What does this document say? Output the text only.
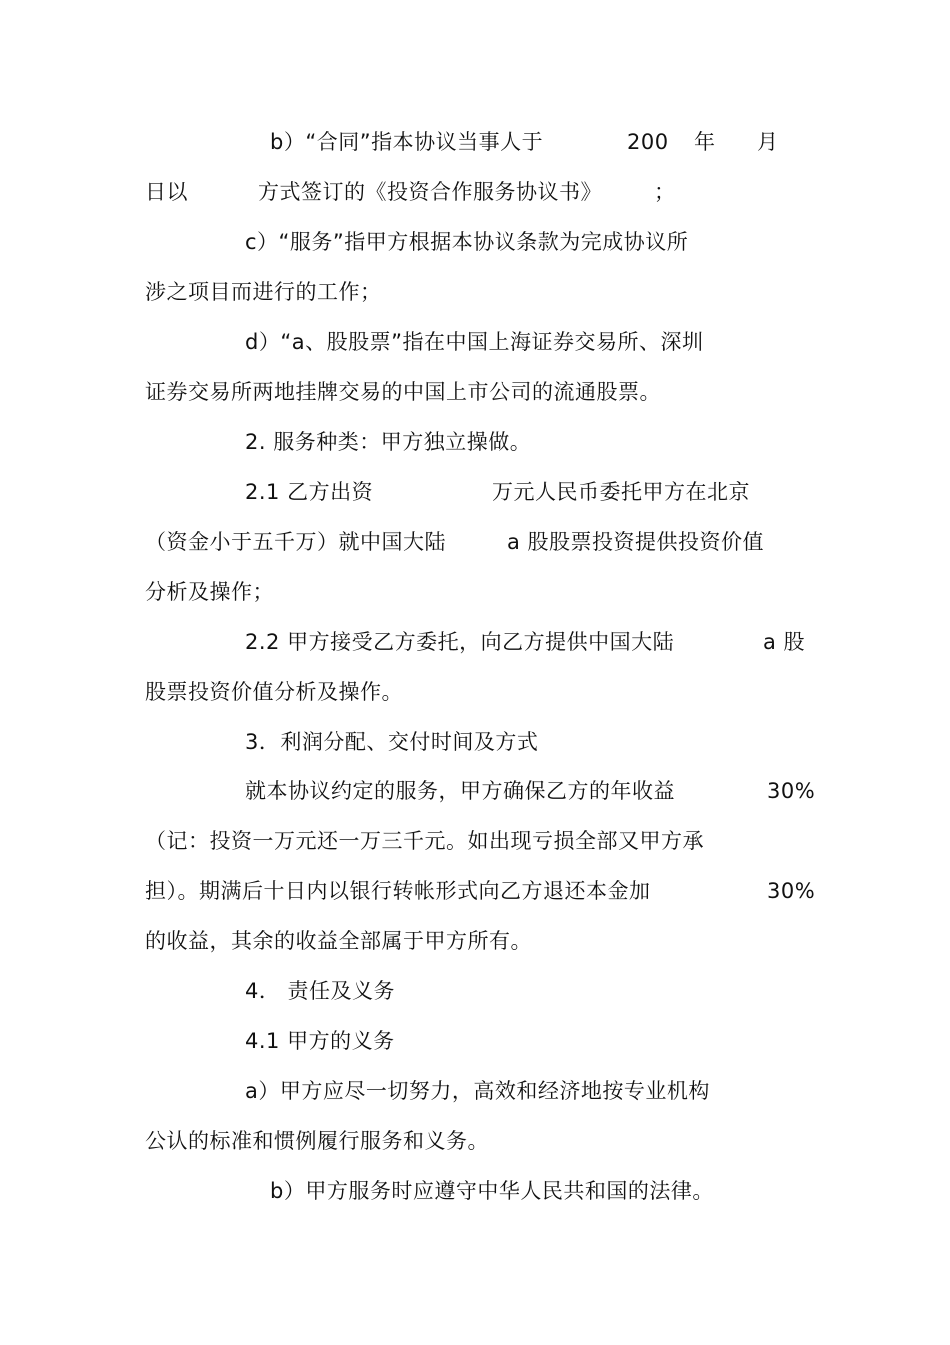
b）“合同”指本协议当事人于	200 年 月
日以	方式签订的《投资合作服务协议书》 ；
c）“服务”指甲方根据本协议条款为完成协议所
涉之项目而进行的工作；
d）“a、股股票”指在中国上海证券交易所、深圳
证券交易所两地挂牌交易的中国上市公司的流通股票。
2. 服务种类：甲方独立操做。
2.1 乙方出资	万元人民币委托甲方在北京
（资金小于五千万）就中国大陆	a 股股票投资提供投资价值
分析及操作；
2.2 甲方接受乙方委托，向乙方提供中国大陆	a 股
股票投资价值分析及操作。
3．利润分配、交付时间及方式
就本协议约定的服务，甲方确保乙方的年收益	30%
（记：投资一万元还一万三千元。如出现亏损全部又甲方承
担）。期满后十日内以银行转帐形式向乙方退还本金加	30%
的收益，其余的收益全部属于甲方所有。
4． 责任及义务
4.1 甲方的义务
a）甲方应尽一切努力，高效和经济地按专业机构
公认的标准和惯例履行服务和义务。
b）甲方服务时应遵守中华人民共和国的法律。
